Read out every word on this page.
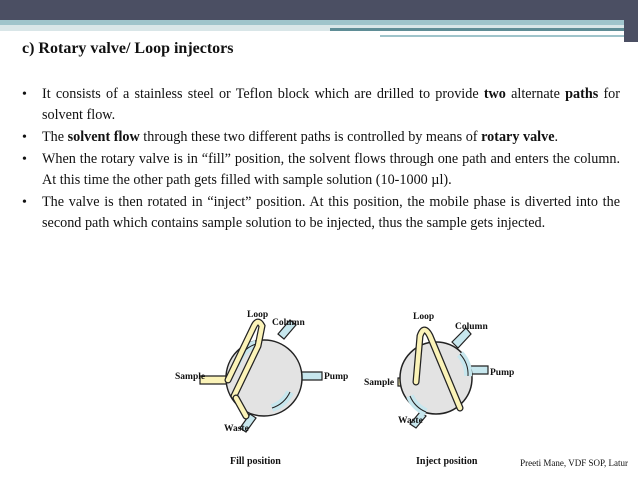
c) Rotary valve/ Loop injectors
• It consists of a stainless steel or Teflon block which are drilled to provide two alternate paths for solvent flow.
• The solvent flow through these two different paths is controlled by means of rotary valve.
• When the rotary valve is in “fill” position, the solvent flows through one path and enters the column. At this time the other path gets filled with sample solution (10-1000 µl).
• The valve is then rotated in “inject” position. At this position, the mobile phase is diverted into the second path which contains sample solution to be injected, thus the sample gets injected.
Loop
Column
Sample	Pump
Waste
Fill position
Loop
Column
Sample
Pump
Waste
Inject position	Preeti Mane, VDF SOP, Latur
